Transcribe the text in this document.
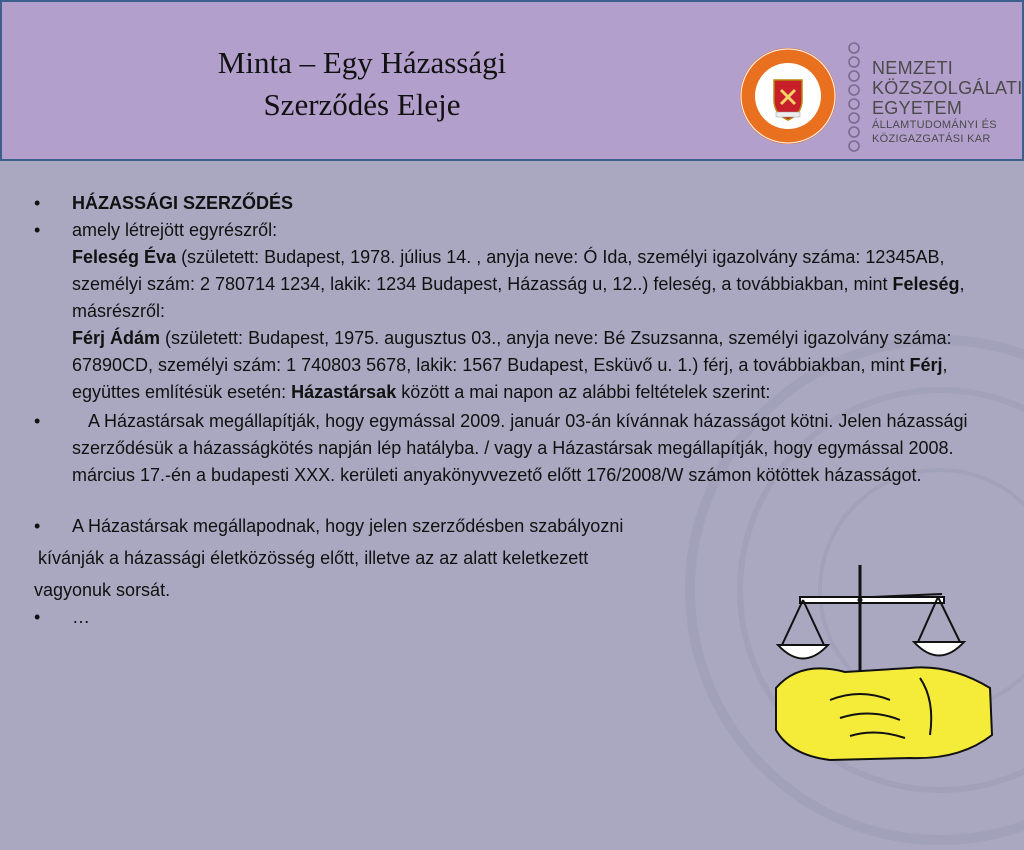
Minta – Egy Házassági
Szerződés Eleje
NEMZETI
KÖZSZOLGÁLATI
EGYETEM
ÁLLAMTUDOMÁNYI ÉS
KÖZIGAZGATÁSI KAR
• HÁZASSÁGI SZERZŐDÉS
• amely létrejött egyrészről:
Feleség Éva (született: Budapest, 1978. július 14. , anyja neve: Ó Ida, személyi igazolvány száma: 12345AB, személyi szám: 2 780714 1234, lakik: 1234 Budapest, Házasság u, 12..) feleség, a továbbiakban, mint Feleség,
másrészről:
Férj Ádám (született: Budapest, 1975. augusztus 03., anyja neve: Bé Zsuzsanna, személyi igazolvány száma: 67890CD, személyi szám: 1 740803 5678, lakik: 1567 Budapest, Esküvő u. 1.) férj, a továbbiakban, mint Férj, együttes említésük esetén: Házastársak között a mai napon az alábbi feltételek szerint:
• A Házastársak megállapítják, hogy egymással 2009. január 03-án kívánnak házasságot kötni. Jelen házassági szerződésük a házasságkötés napján lép hatályba. / vagy a Házastársak megállapítják, hogy egymással 2008. március 17.-én a budapesti XXX. kerületi anyakönyvvezető előtt 176/2008/W számon kötöttek házasságot.
• A Házastársak megállapodnak, hogy jelen szerződésben szabályozni
kívánják a házassági életközösség előtt, illetve az az alatt keletkezett
vagyonuk sorsát.
• …
